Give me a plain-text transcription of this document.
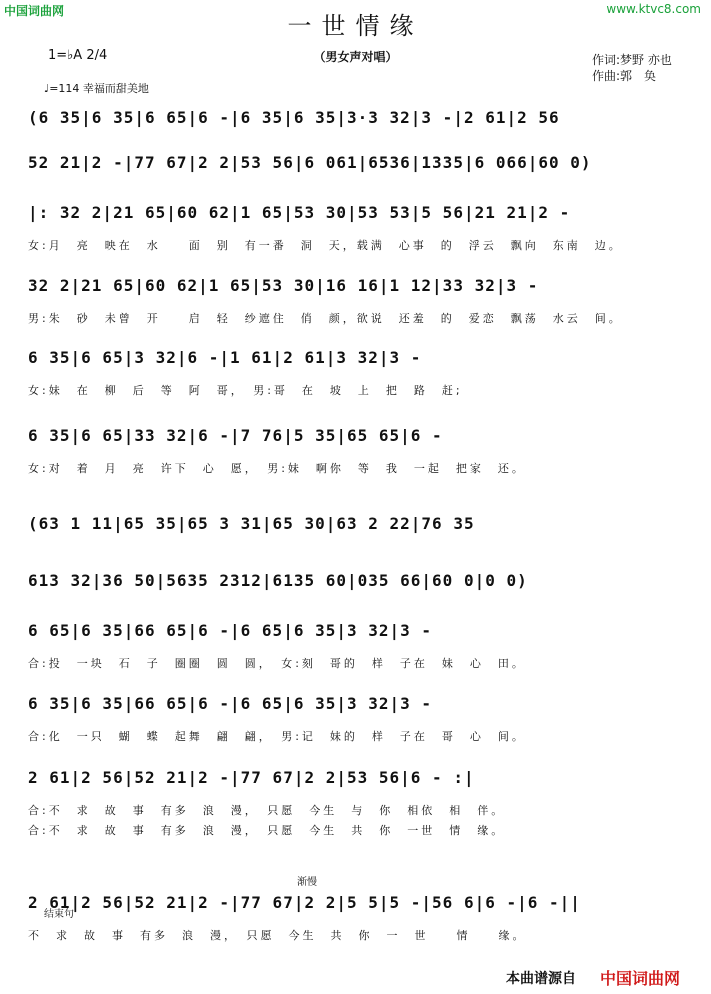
中国词曲网	www.ktvc8.com
一世情缘
（男女声对唱）
1=♭A 2/4
♩=114 幸福而甜美地
作词:梦野 亦也
作曲:郭　奂
(6 35|6 35|6 65|6 -|6 35|6 35|3·3 32|3 -|2 61|2 56
52 21|2 -|77 67|2 2|53 56|6 061|6536|1335|6 066|60 0)
|: 32 2|21 65|60 62|1 65|53 30|53 53|5 56|21 21|2 -
女:月　亮　映在　水　　面　别　有一番　洞　天，载满　心事　的　浮云　飘向　东南　边。
32 2|21 65|60 62|1 65|53 30|16 16|1 12|33 32|3 -
男:朱　砂　未曾　开　　启　轻　纱遮住　俏　颜，欲说　还羞　的　爱恋　飘荡　水云　间。
6 35|6 65|3 32|6 -|1 61|2 61|3 32|3 -
女:妹　在　柳　后　等　阿　哥，　男:哥　在　坡　上　把　路　赶;
6 35|6 65|33 32|6 -|7 76|5 35|65 65|6 -
女:对　着　月　亮　许下　心　愿，　男:妹　啊你　等　我　一起　把家　还。
(63 1 11|65 35|65 3 31|65 30|63 2 22|76 35
613 32|36 50|5635 2312|6135 60|035 66|60 0|0 0)
6 65|6 35|66 65|6 -|6 65|6 35|3 32|3 -
合:投　一块　石　子　圈圈　圆　圆，　女:刻　哥的　样　子在　妹　心　田。
6 35|6 35|66 65|6 -|6 65|6 35|3 32|3 -
合:化　一只　蝴　蝶　起舞　翩　翩，　男:记　妹的　样　子在　哥　心　间。
2 61|2 56|52 21|2 -|77 67|2 2|53 56|6 - :|
合:不　求　故　事　有多　浪　漫，　只愿　今生　与　你　相依　相　伴。
合:不　求　故　事　有多　浪　漫，　只愿　今生　共　你　一世　情　缘。
2 61|2 56|52 21|2 -|77 67|2 2|5 5|5 -|56 6|6 -|6 -||
不　求　故　事　有多　浪　漫，　只愿　今生　共　你　一　世　　情　　缘。
渐慢
结束句
本曲谱源自 中国词曲网
